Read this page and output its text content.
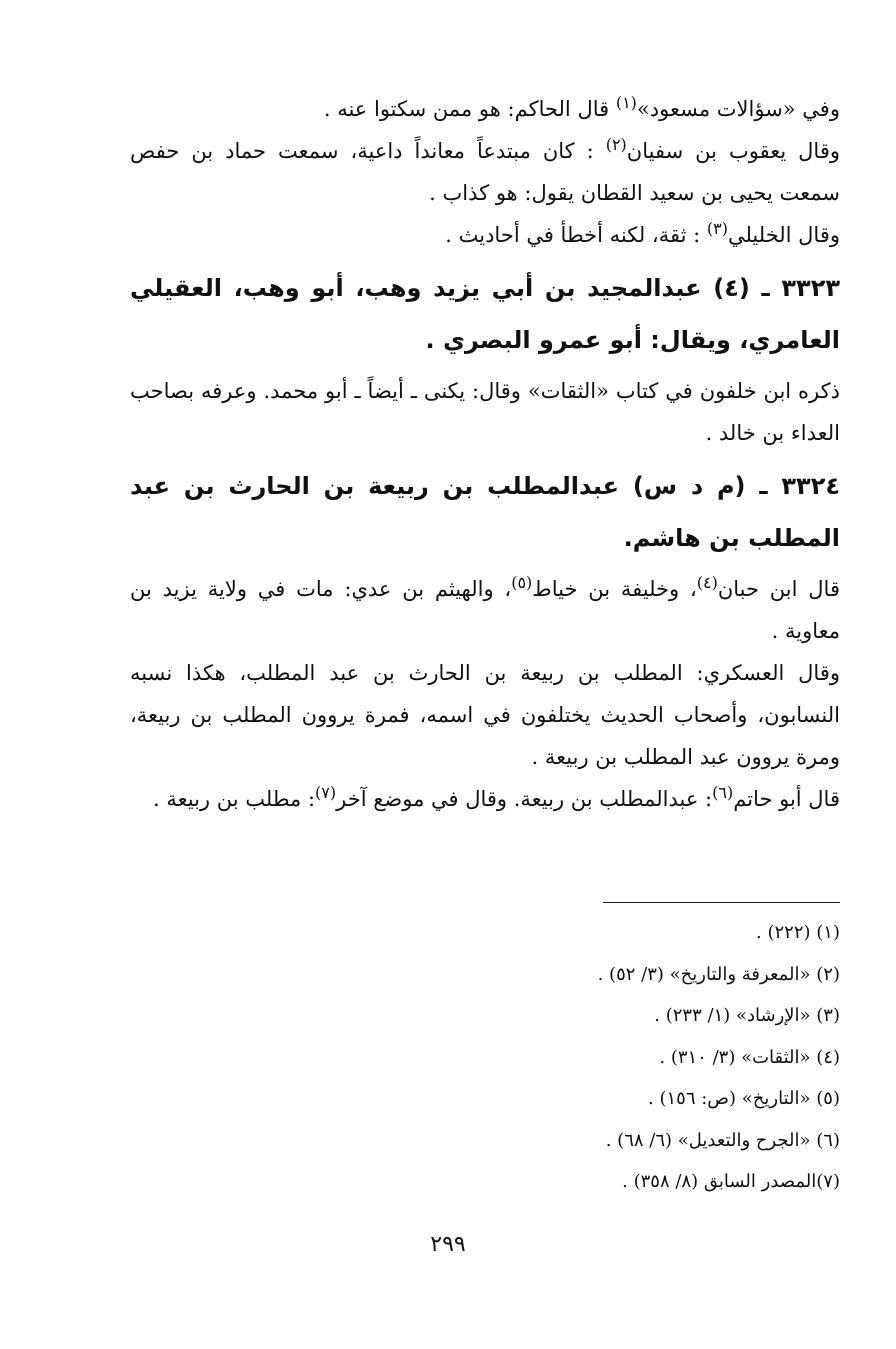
وفي «سؤالات مسعود»$^{(١)}$ قال الحاكم: هو ممن سكتوا عنه .

وقال يعقوب بن سفيان$^{(٢)}$ : كان مبتدعاً معانداً داعية، سمعت حماد بن حفص سمعت يحيى بن سعيد القطان يقول: هو كذاب .

وقال الخليلي$^{(٣)}$ : ثقة، لكنه أخطأ في أحاديث .

٣٣٢٣ ـ (٤) عبدالمجيد بن أبي يزيد وهب، أبو وهب، العقيلي العامري، ويقال: أبو عمرو البصري .

ذكره ابن خلفون في كتاب «الثقات» وقال: يكنى ـ أيضاً ـ أبو محمد. وعرفه بصاحب العداء بن خالد .

٣٣٢٤ ـ (م د س) عبدالمطلب بن ربيعة بن الحارث بن عبد المطلب بن هاشم.

قال ابن حبان$^{(٤)}$، وخليفة بن خياط$^{(٥)}$، والهيثم بن عدي: مات في ولاية يزيد بن معاوية .

وقال العسكري: المطلب بن ربيعة بن الحارث بن عبد المطلب، هكذا نسبه النسابون، وأصحاب الحديث يختلفون في اسمه، فمرة يروون المطلب بن ربيعة، ومرة يروون عبد المطلب بن ربيعة .

قال أبو حاتم$^{(٦)}$: عبدالمطلب بن ربيعة. وقال في موضع آخر$^{(٧)}$: مطلب بن ربيعة .

(١) (٢٢٢) .
(٢) «المعرفة والتاريخ» (٣/ ٥٢) .
(٣) «الإرشاد» (١/ ٢٣٣) .
(٤) «الثقات» (٣/ ٣١٠) .
(٥) «التاريخ» (ص: ١٥٦) .
(٦) «الجرح والتعديل» (٦/ ٦٨) .
(٧)المصدر السابق (٨/ ٣٥٨) .
٢٩٩
